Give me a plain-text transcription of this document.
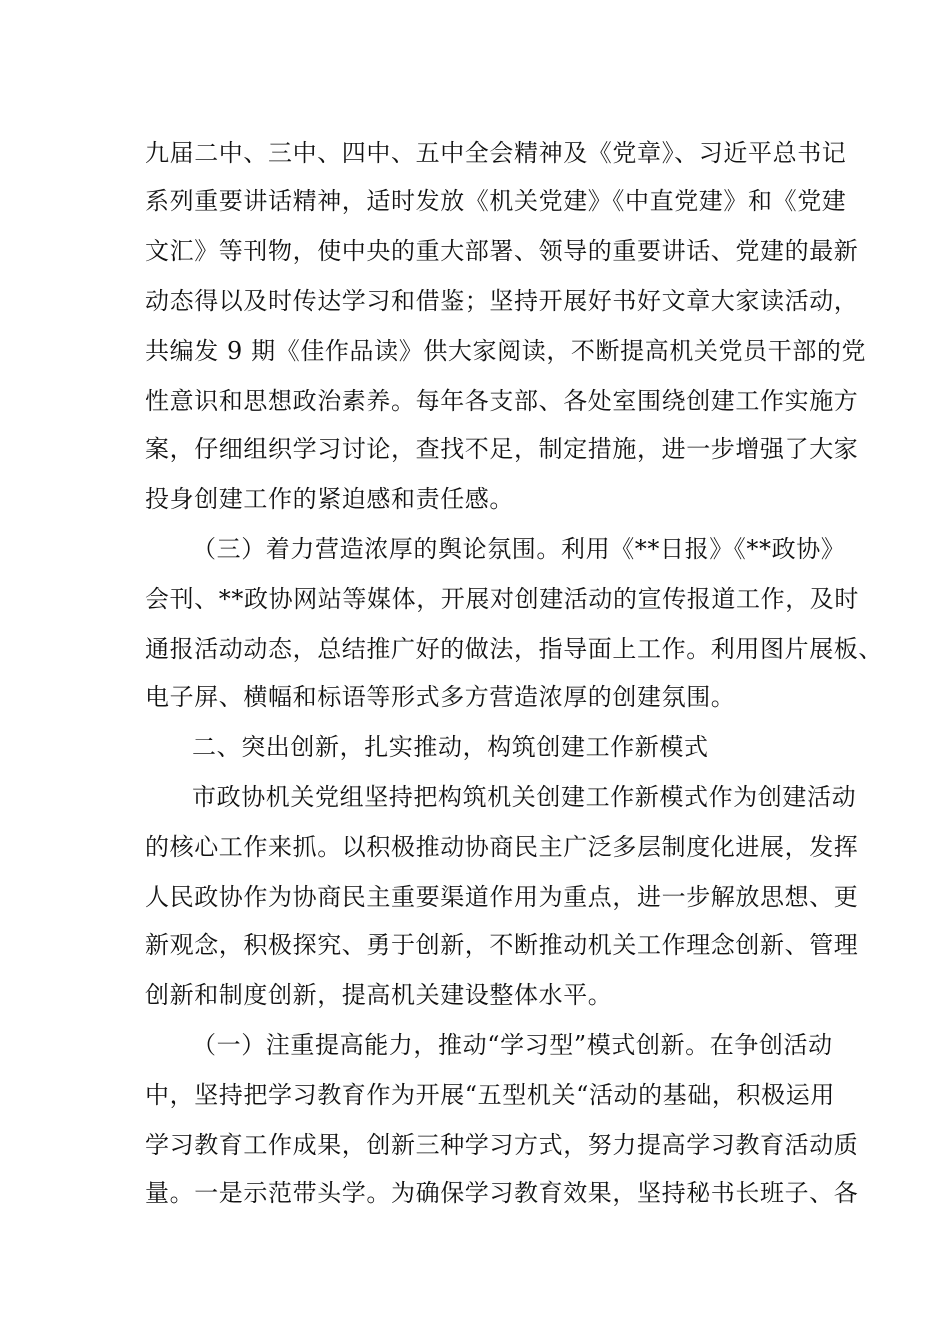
九届二中、三中、四中、五中全会精神及《党章》、习近平总书记
系列重要讲话精神，适时发放《机关党建》《中直党建》和《党建
文汇》等刊物，使中央的重大部署、领导的重要讲话、党建的最新
动态得以及时传达学习和借鉴；坚持开展好书好文章大家读活动，
共编发 9 期《佳作品读》供大家阅读，不断提高机关党员干部的党
性意识和思想政治素养。每年各支部、各处室围绕创建工作实施方
案，仔细组织学习讨论，查找不足，制定措施，进一步增强了大家
投身创建工作的紧迫感和责任感。
（三）着力营造浓厚的舆论氛围。利用《**日报》《**政协》
会刊、**政协网站等媒体，开展对创建活动的宣传报道工作，及时
通报活动动态，总结推广好的做法，指导面上工作。利用图片展板、
电子屏、横幅和标语等形式多方营造浓厚的创建氛围。
二、突出创新，扎实推动，构筑创建工作新模式
市政协机关党组坚持把构筑机关创建工作新模式作为创建活动
的核心工作来抓。以积极推动协商民主广泛多层制度化进展，发挥
人民政协作为协商民主重要渠道作用为重点，进一步解放思想、更
新观念，积极探究、勇于创新，不断推动机关工作理念创新、管理
创新和制度创新，提高机关建设整体水平。
（一）注重提高能力，推动“学习型”模式创新。在争创活动
中，坚持把学习教育作为开展“五型机关“活动的基础，积极运用
学习教育工作成果，创新三种学习方式，努力提高学习教育活动质
量。一是示范带头学。为确保学习教育效果，坚持秘书长班子、各
